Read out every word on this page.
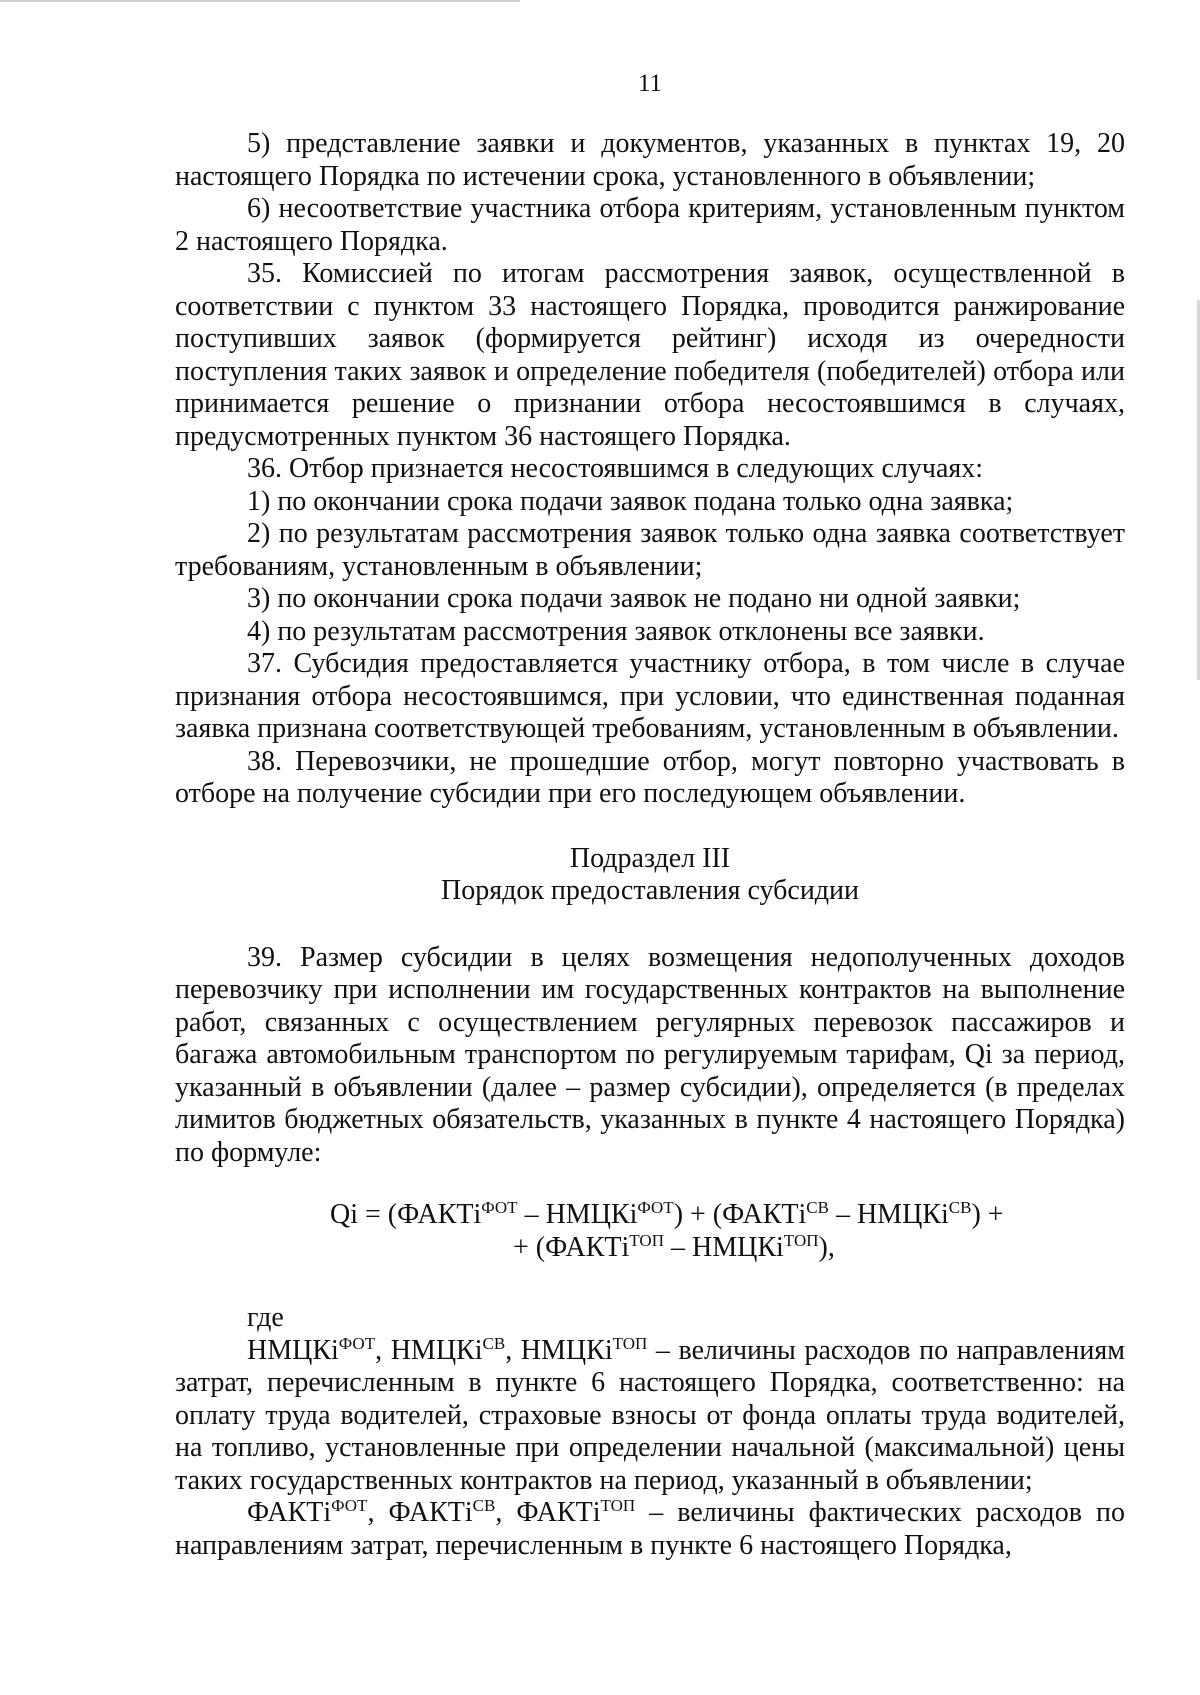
11

5) представление заявки и документов, указанных в пунктах 19, 20 настоящего Порядка по истечении срока, установленного в объявлении;

6) несоответствие участника отбора критериям, установленным пунктом 2 настоящего Порядка.

35. Комиссией по итогам рассмотрения заявок, осуществленной в соответствии с пунктом 33 настоящего Порядка, проводится ранжирование поступивших заявок (формируется рейтинг) исходя из очередности поступления таких заявок и определение победителя (победителей) отбора или принимается решение о признании отбора несостоявшимся в случаях, предусмотренных пунктом 36 настоящего Порядка.

36. Отбор признается несостоявшимся в следующих случаях:

1) по окончании срока подачи заявок подана только одна заявка;

2) по результатам рассмотрения заявок только одна заявка соответствует требованиям, установленным в объявлении;

3) по окончании срока подачи заявок не подано ни одной заявки;

4) по результатам рассмотрения заявок отклонены все заявки.

37. Субсидия предоставляется участнику отбора, в том числе в случае признания отбора несостоявшимся, при условии, что единственная поданная заявка признана соответствующей требованиям, установленным в объявлении.

38. Перевозчики, не прошедшие отбор, могут повторно участвовать в отборе на получение субсидии при его последующем объявлении.

Подраздел III

Порядок предоставления субсидии

39. Размер субсидии в целях возмещения недополученных доходов перевозчику при исполнении им государственных контрактов на выполнение работ, связанных с осуществлением регулярных перевозок пассажиров и багажа автомобильным транспортом по регулируемым тарифам, Qi за период, указанный в объявлении (далее – размер субсидии), определяется (в пределах лимитов бюджетных обязательств, указанных в пункте 4 настоящего Порядка) по формуле:

Qi = (ФАКТi$^{ФОТ}$ – НМЦКi$^{ФОТ}$) + (ФАКТi$^{СВ}$ – НМЦКi$^{СВ}$) +
+ (ФАКТi$^{ТОП}$ – НМЦКi$^{ТОП}$),

где

НМЦКi$^{ФОТ}$, НМЦКi$^{СВ}$, НМЦКi$^{ТОП}$ – величины расходов по направлениям затрат, перечисленным в пункте 6 настоящего Порядка, соответственно: на оплату труда водителей, страховые взносы от фонда оплаты труда водителей, на топливо, установленные при определении начальной (максимальной) цены таких государственных контрактов на период, указанный в объявлении;

ФАКТi$^{ФОТ}$, ФАКТi$^{СВ}$, ФАКТi$^{ТОП}$ – величины фактических расходов по направлениям затрат, перечисленным в пункте 6 настоящего Порядка,
